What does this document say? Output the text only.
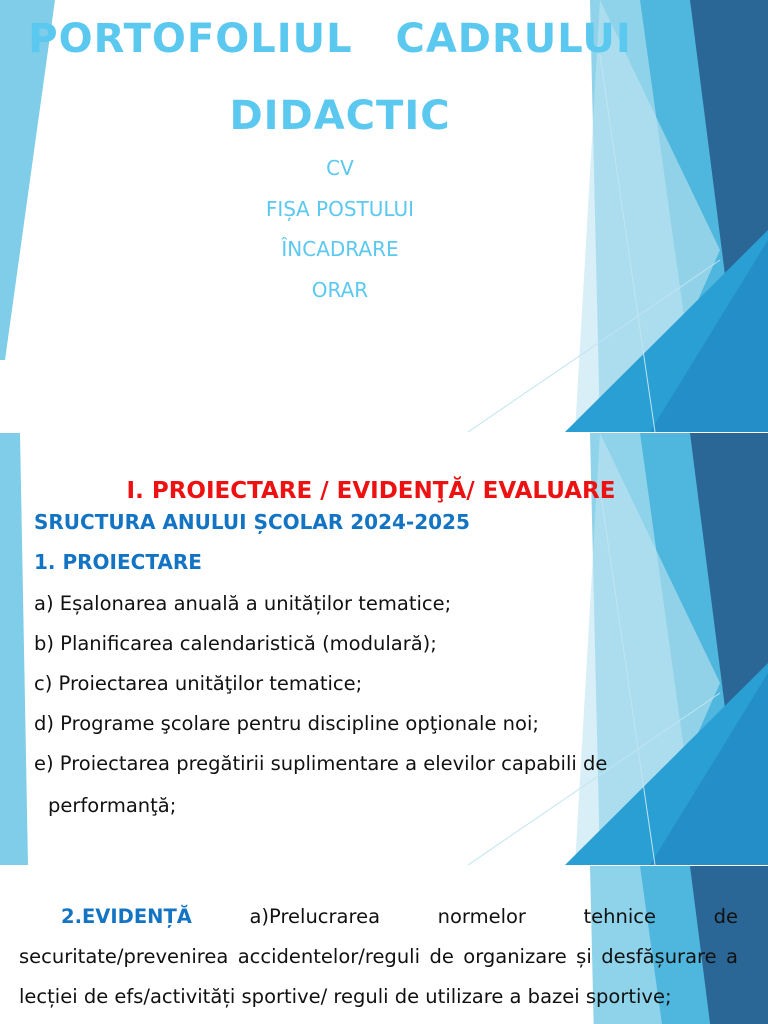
PORTOFOLIUL CADRULUI
DIDACTIC
CV
FIȘA POSTULUI
ÎNCADRARE
ORAR
I. PROIECTARE / EVIDENŢĂ/ EVALUARE
SRUCTURA ANULUI ȘCOLAR 2024-2025
1. PROIECTARE
a) Eșalonarea anuală a unităților tematice;
b) Planificarea calendaristică (modulară);
c) Proiectarea unităţilor tematice;
d) Programe şcolare pentru discipline opţionale noi;
e) Proiectarea pregătirii suplimentare a elevilor capabili de

performanţă;

2.EVIDENȚĂ a)Prelucrarea normelor tehnice de securitate/prevenirea accidentelor/reguli de organizare și desfășurare a lecției de efs/activități sportive/ reguli de utilizare a bazei sportive;
